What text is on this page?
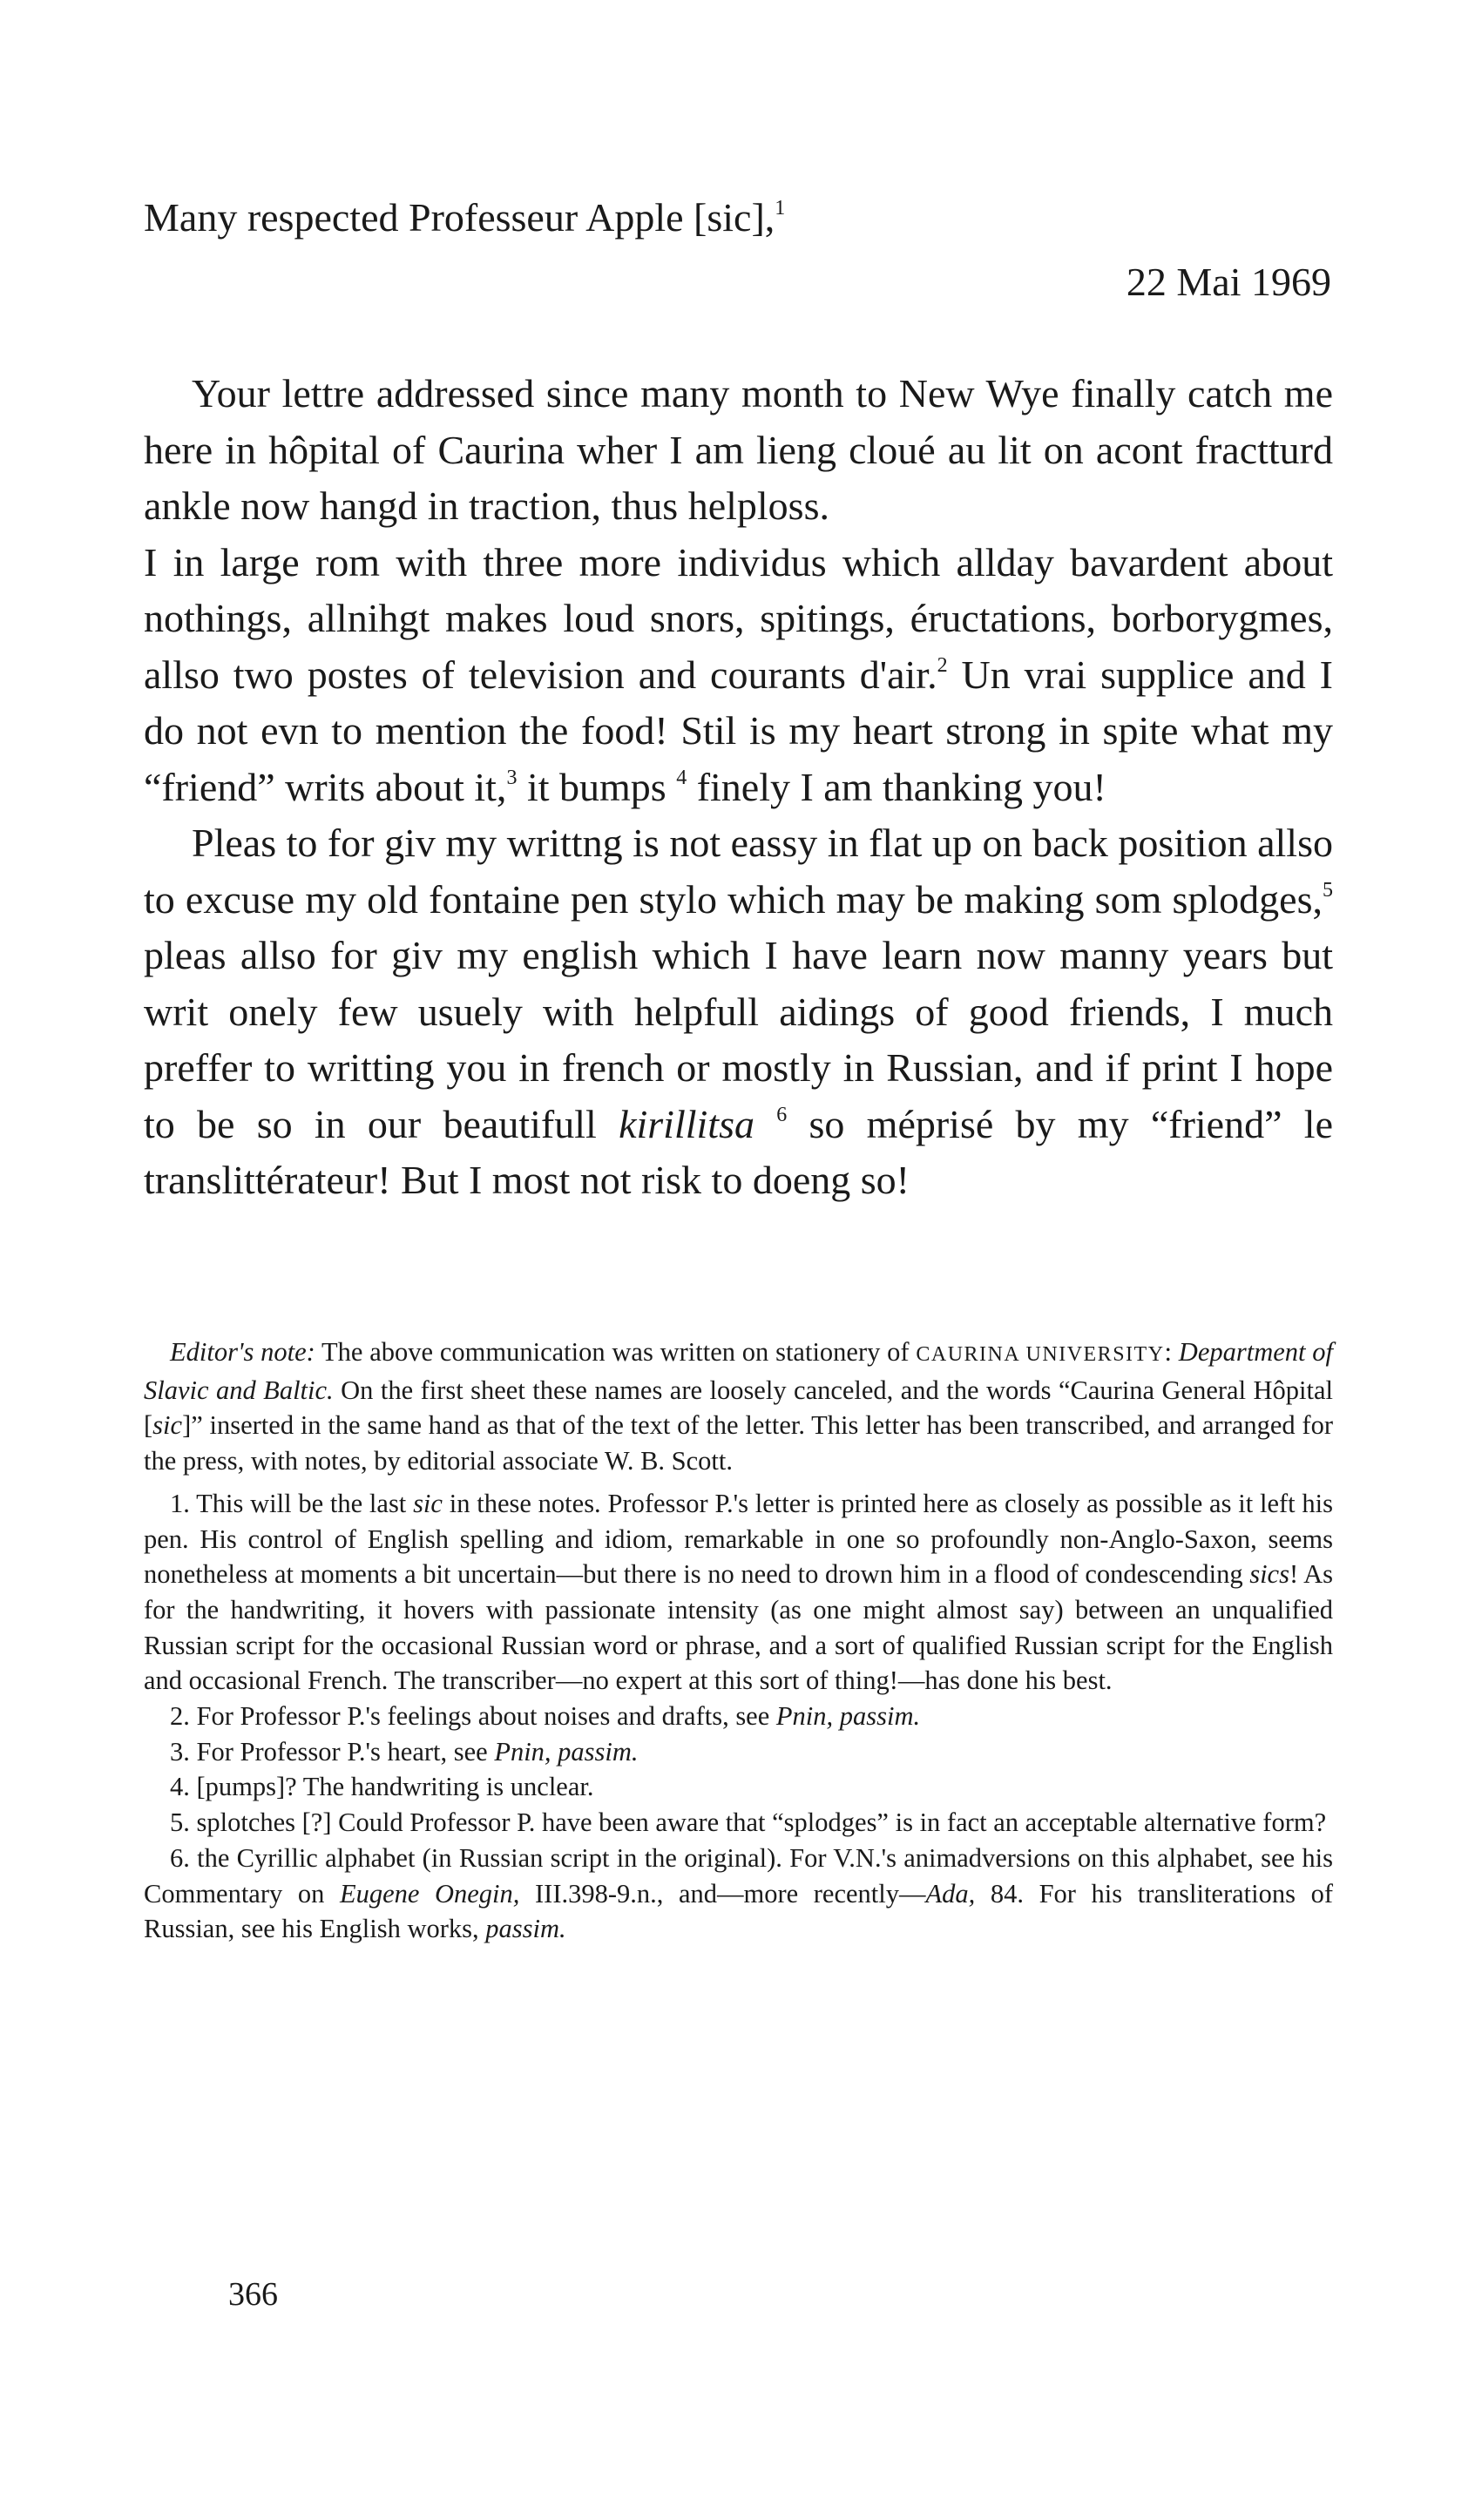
Many respected Professeur Apple [sic],$^1$
22 Mai 1969

Your lettre addressed since many month to New Wye finally catch me here in hôpital of Caurina wher I am lieng cloué au lit on acont fractturd ankle now hangd in traction, thus helploss.

I in large rom with three more individus which allday bavardent about nothings, allnihgt makes loud snors, spitings, éructations, borborygmes, allso two postes of television and courants d'air.$^2$ Un vrai supplice and I do not evn to mention the food! Stil is my heart strong in spite what my “friend” writs about it,$^3$ it bumps $^4$ finely I am thanking you!

Pleas to for giv my writtng is not eassy in flat up on back position allso to excuse my old fontaine pen stylo which may be making som splodges,$^5$ pleas allso for giv my english which I have learn now manny years but writ onely few usuely with helpfull aidings of good friends, I much preffer to writting you in french or mostly in Russian, and if print I hope to be so in our beautifull kirillitsa $^6$ so méprisé by my “friend” le translittérateur! But I most not risk to doeng so!

Editor's note: The above communication was written on stationery of CAURINA UNIVERSITY: Department of Slavic and Baltic. On the first sheet these names are loosely canceled, and the words “Caurina General Hôpital [sic]” inserted in the same hand as that of the text of the letter. This letter has been transcribed, and arranged for the press, with notes, by editorial associate W. B. Scott.

1. This will be the last sic in these notes. Professor P.'s letter is printed here as closely as possible as it left his pen. His control of English spelling and idiom, remarkable in one so profoundly non-Anglo-Saxon, seems nonetheless at moments a bit uncertain—but there is no need to drown him in a flood of condescending sics! As for the handwriting, it hovers with passionate intensity (as one might almost say) between an unqualified Russian script for the occasional Russian word or phrase, and a sort of qualified Russian script for the English and occasional French. The transcriber—no expert at this sort of thing!—has done his best.

2. For Professor P.'s feelings about noises and drafts, see Pnin, passim.

3. For Professor P.'s heart, see Pnin, passim.

4. [pumps]? The handwriting is unclear.

5. splotches [?] Could Professor P. have been aware that “splodges” is in fact an acceptable alternative form?

6. the Cyrillic alphabet (in Russian script in the original). For V.N.'s animadversions on this alphabet, see his Commentary on Eugene Onegin, III.398-9.n., and—more recently—Ada, 84. For his transliterations of Russian, see his English works, passim.

366
